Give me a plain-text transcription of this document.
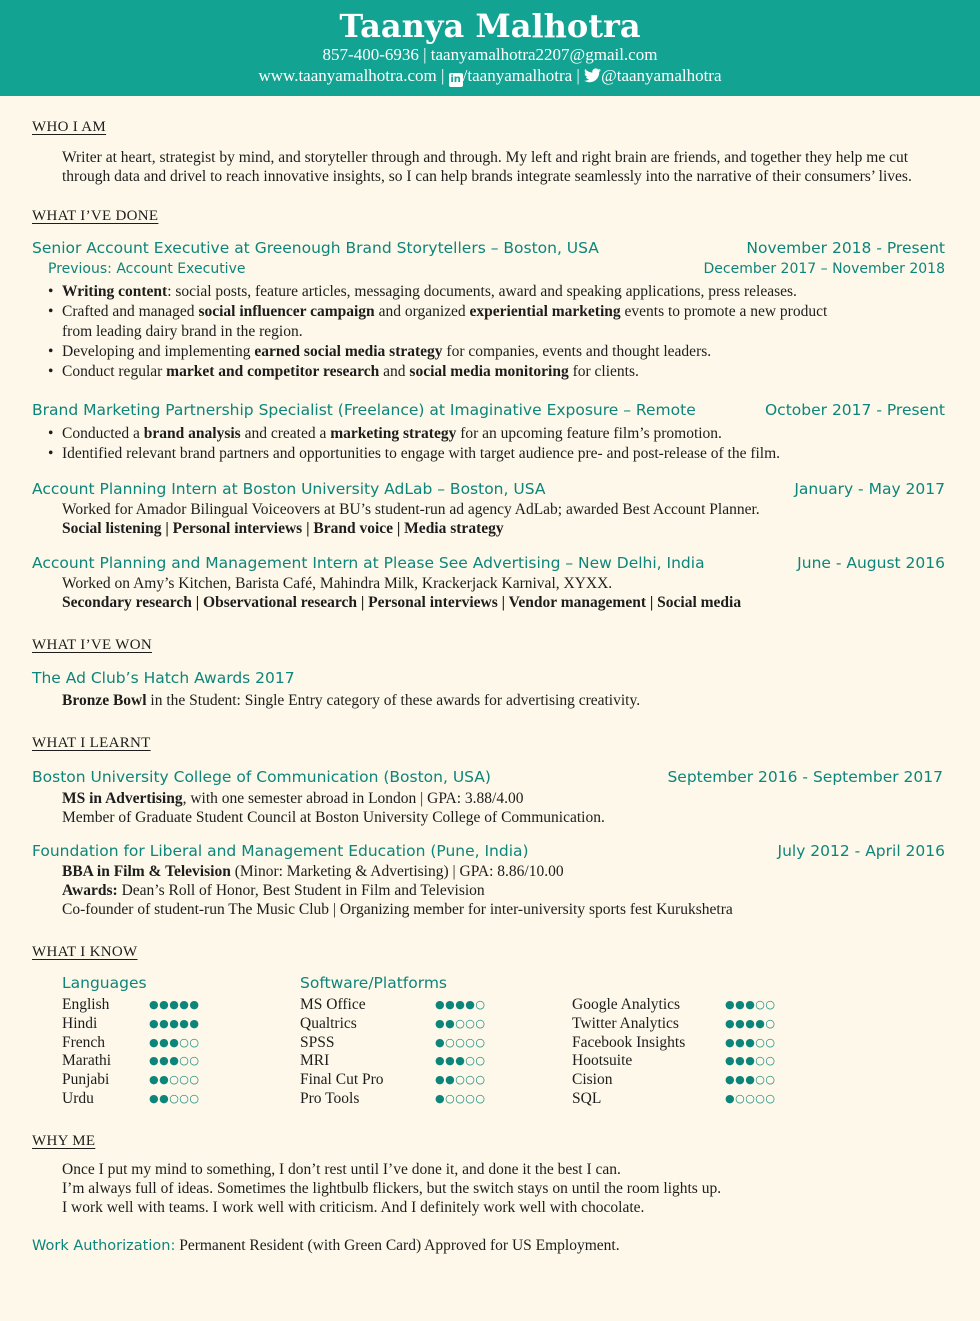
Taanya Malhotra
857-400-6936 | taanyamalhotra2207@gmail.com
www.taanyamalhotra.com | in /taanyamalhotra | @taanyamalhotra
WHO I AM
Writer at heart, strategist by mind, and storyteller through and through. My left and right brain are friends, and together they help me cut through data and drivel to reach innovative insights, so I can help brands integrate seamlessly into the narrative of their consumers’ lives.
WHAT I’VE DONE
Senior Account Executive at Greenough Brand Storytellers – Boston, USA	November 2018 - Present
Previous: Account Executive	December 2017 – November 2018
• Writing content: social posts, feature articles, messaging documents, award and speaking applications, press releases.
• Crafted and managed social influencer campaign and organized experiential marketing events to promote a new product from leading dairy brand in the region.
• Developing and implementing earned social media strategy for companies, events and thought leaders.
• Conduct regular market and competitor research and social media monitoring for clients.
Brand Marketing Partnership Specialist (Freelance) at Imaginative Exposure – Remote	October 2017 - Present
• Conducted a brand analysis and created a marketing strategy for an upcoming feature film’s promotion.
• Identified relevant brand partners and opportunities to engage with target audience pre- and post-release of the film.
Account Planning Intern at Boston University AdLab – Boston, USA	January - May 2017
Worked for Amador Bilingual Voiceovers at BU’s student-run ad agency AdLab; awarded Best Account Planner.
Social listening | Personal interviews | Brand voice | Media strategy
Account Planning and Management Intern at Please See Advertising – New Delhi, India	June - August 2016
Worked on Amy’s Kitchen, Barista Café, Mahindra Milk, Krackerjack Karnival, XYXX.
Secondary research | Observational research | Personal interviews | Vendor management | Social media
WHAT I’VE WON
The Ad Club’s Hatch Awards 2017
Bronze Bowl in the Student: Single Entry category of these awards for advertising creativity.
WHAT I LEARNT
Boston University College of Communication (Boston, USA)	September 2016 - September 2017
MS in Advertising, with one semester abroad in London | GPA: 3.88/4.00
Member of Graduate Student Council at Boston University College of Communication.
Foundation for Liberal and Management Education (Pune, India)	July 2012 - April 2016
BBA in Film & Television (Minor: Marketing & Advertising) | GPA: 8.86/10.00
Awards: Dean’s Roll of Honor, Best Student in Film and Television
Co-founder of student-run The Music Club | Organizing member for inter-university sports fest Kurukshetra
WHAT I KNOW
Languages	Software/Platforms
English	●●●●●
Hindi	●●●●●
French	●●●○○
Marathi	●●●○○
Punjabi	●●○○○
Urdu	●●○○○
MS Office	●●●●○
Qualtrics	●●○○○
SPSS	●○○○○
MRI	●●●○○
Final Cut Pro	●●○○○
Pro Tools	●○○○○
Google Analytics	●●●○○
Twitter Analytics	●●●●○
Facebook Insights	●●●○○
Hootsuite	●●●○○
Cision	●●●○○
SQL	●○○○○
WHY ME
Once I put my mind to something, I don’t rest until I’ve done it, and done it the best I can.
I’m always full of ideas. Sometimes the lightbulb flickers, but the switch stays on until the room lights up.
I work well with teams. I work well with criticism. And I definitely work well with chocolate.
Work Authorization: Permanent Resident (with Green Card) Approved for US Employment.
